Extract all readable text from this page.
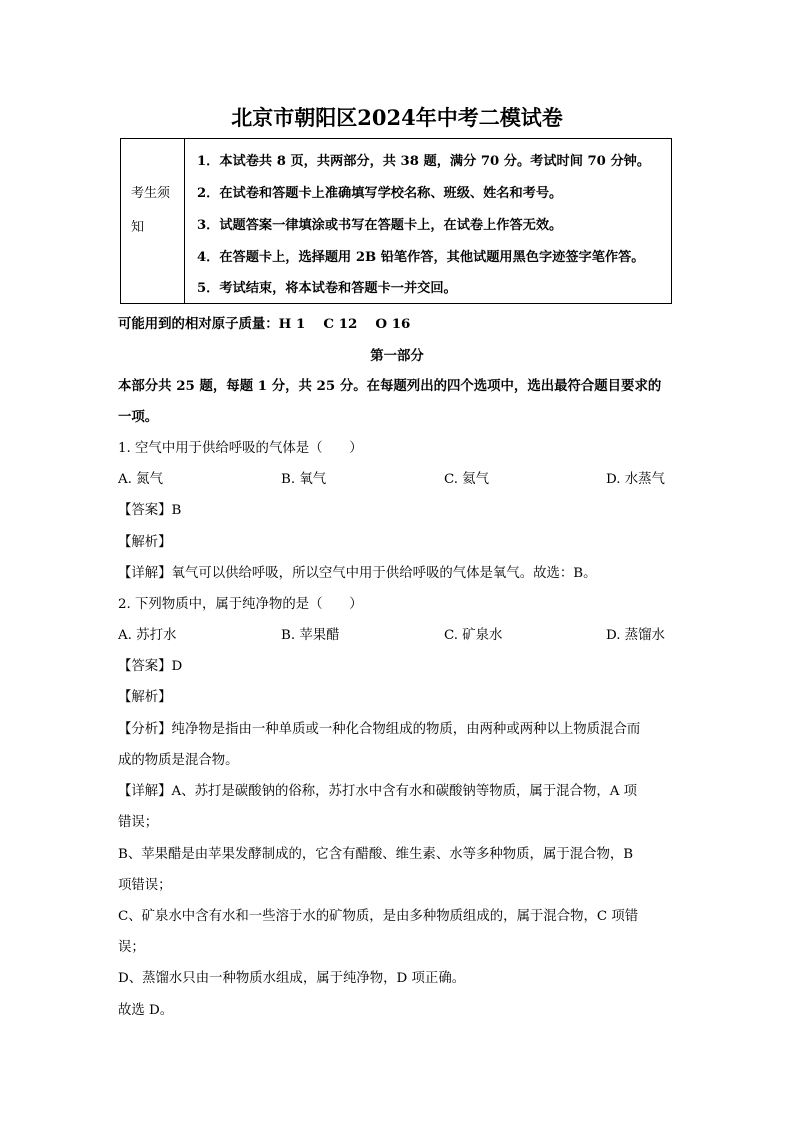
北京市朝阳区2024年中考二模试卷
考生须
知
1．本试卷共 8 页，共两部分，共 38 题，满分 70 分。考试时间 70 分钟。
2．在试卷和答题卡上准确填写学校名称、班级、姓名和考号。
3．试题答案一律填涂或书写在答题卡上，在试卷上作答无效。
4．在答题卡上，选择题用 2B 铅笔作答，其他试题用黑色字迹签字笔作答。
5．考试结束，将本试卷和答题卡一并交回。
可能用到的相对原子质量：H 1　 C 12　 O 16
第一部分
本部分共 25 题，每题 1 分，共 25 分。在每题列出的四个选项中，选出最符合题目要求的
一项。
1. 空气中用于供给呼吸的气体是（　　）
A. 氮气	B. 氧气	C. 氦气	D. 水蒸气
【答案】B
【解析】
【详解】氧气可以供给呼吸，所以空气中用于供给呼吸的气体是氧气。故选：B。
2. 下列物质中，属于纯净物的是（　　）
A. 苏打水	B. 苹果醋	C. 矿泉水	D. 蒸馏水
【答案】D
【解析】
【分析】纯净物是指由一种单质或一种化合物组成的物质，由两种或两种以上物质混合而
成的物质是混合物。
【详解】A、苏打是碳酸钠的俗称，苏打水中含有水和碳酸钠等物质，属于混合物，A 项
错误；
B、苹果醋是由苹果发酵制成的，它含有醋酸、维生素、水等多种物质，属于混合物，B
项错误；
C、矿泉水中含有水和一些溶于水的矿物质，是由多种物质组成的，属于混合物，C 项错
误；
D、蒸馏水只由一种物质水组成，属于纯净物，D 项正确。
故选 D。
